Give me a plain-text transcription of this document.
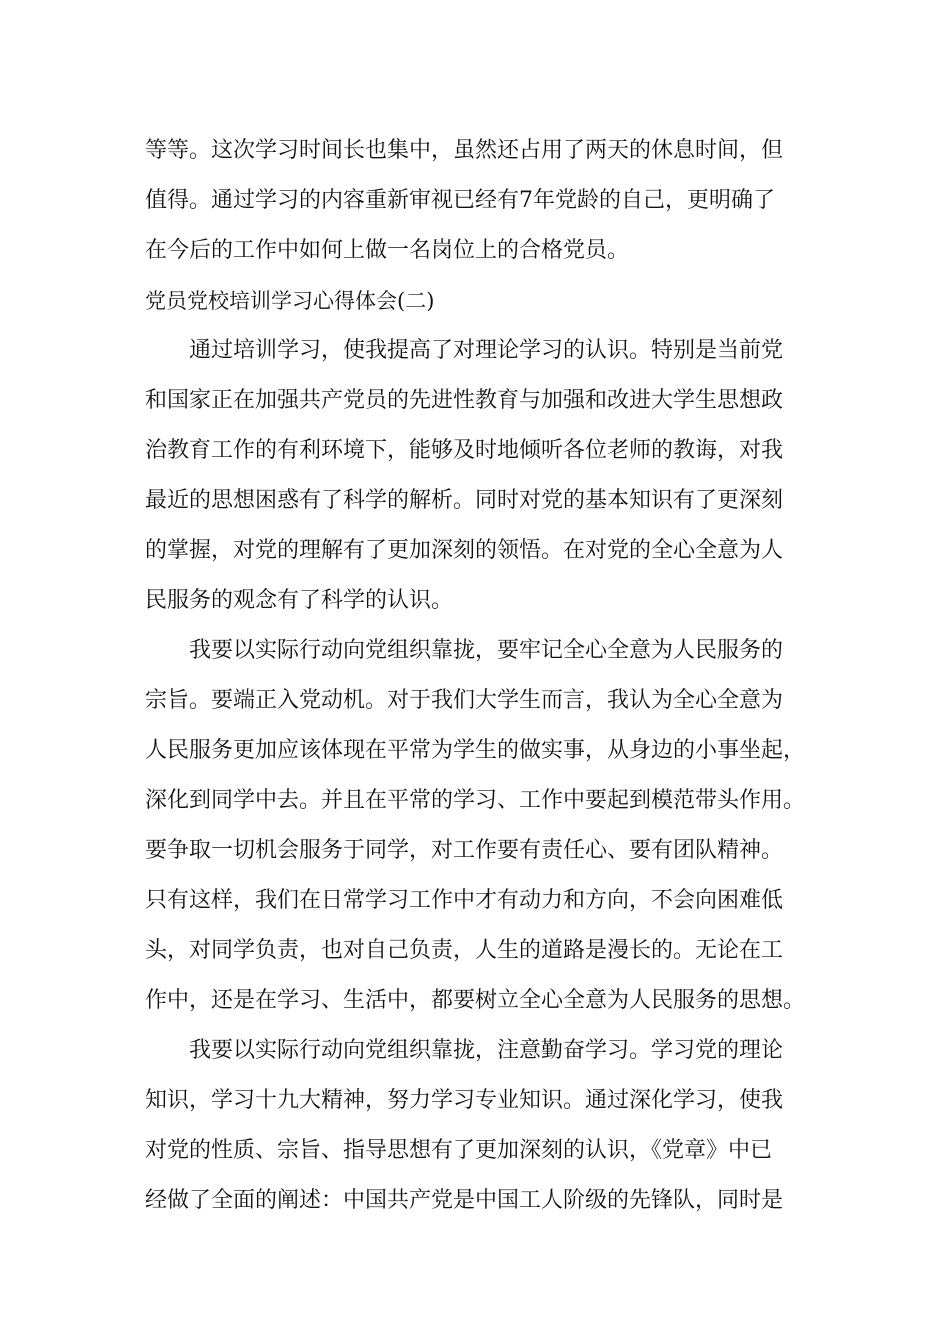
等等。这次学习时间长也集中，虽然还占用了两天的休息时间，但
值得。通过学习的内容重新审视已经有7年党龄的自己，更明确了
在今后的工作中如何上做一名岗位上的合格党员。
党员党校培训学习心得体会(二)
通过培训学习，使我提高了对理论学习的认识。特别是当前党
和国家正在加强共产党员的先进性教育与加强和改进大学生思想政
治教育工作的有利环境下，能够及时地倾听各位老师的教诲，对我
最近的思想困惑有了科学的解析。同时对党的基本知识有了更深刻
的掌握，对党的理解有了更加深刻的领悟。在对党的全心全意为人
民服务的观念有了科学的认识。
我要以实际行动向党组织靠拢，要牢记全心全意为人民服务的
宗旨。要端正入党动机。对于我们大学生而言，我认为全心全意为
人民服务更加应该体现在平常为学生的做实事，从身边的小事坐起，
深化到同学中去。并且在平常的学习、工作中要起到模范带头作用。
要争取一切机会服务于同学，对工作要有责任心、要有团队精神。
只有这样，我们在日常学习工作中才有动力和方向，不会向困难低
头，对同学负责，也对自己负责，人生的道路是漫长的。无论在工
作中，还是在学习、生活中，都要树立全心全意为人民服务的思想。
我要以实际行动向党组织靠拢，注意勤奋学习。学习党的理论
知识，学习十九大精神，努力学习专业知识。通过深化学习，使我
对党的性质、宗旨、指导思想有了更加深刻的认识，《党章》中已
经做了全面的阐述：中国共产党是中国工人阶级的先锋队，同时是
